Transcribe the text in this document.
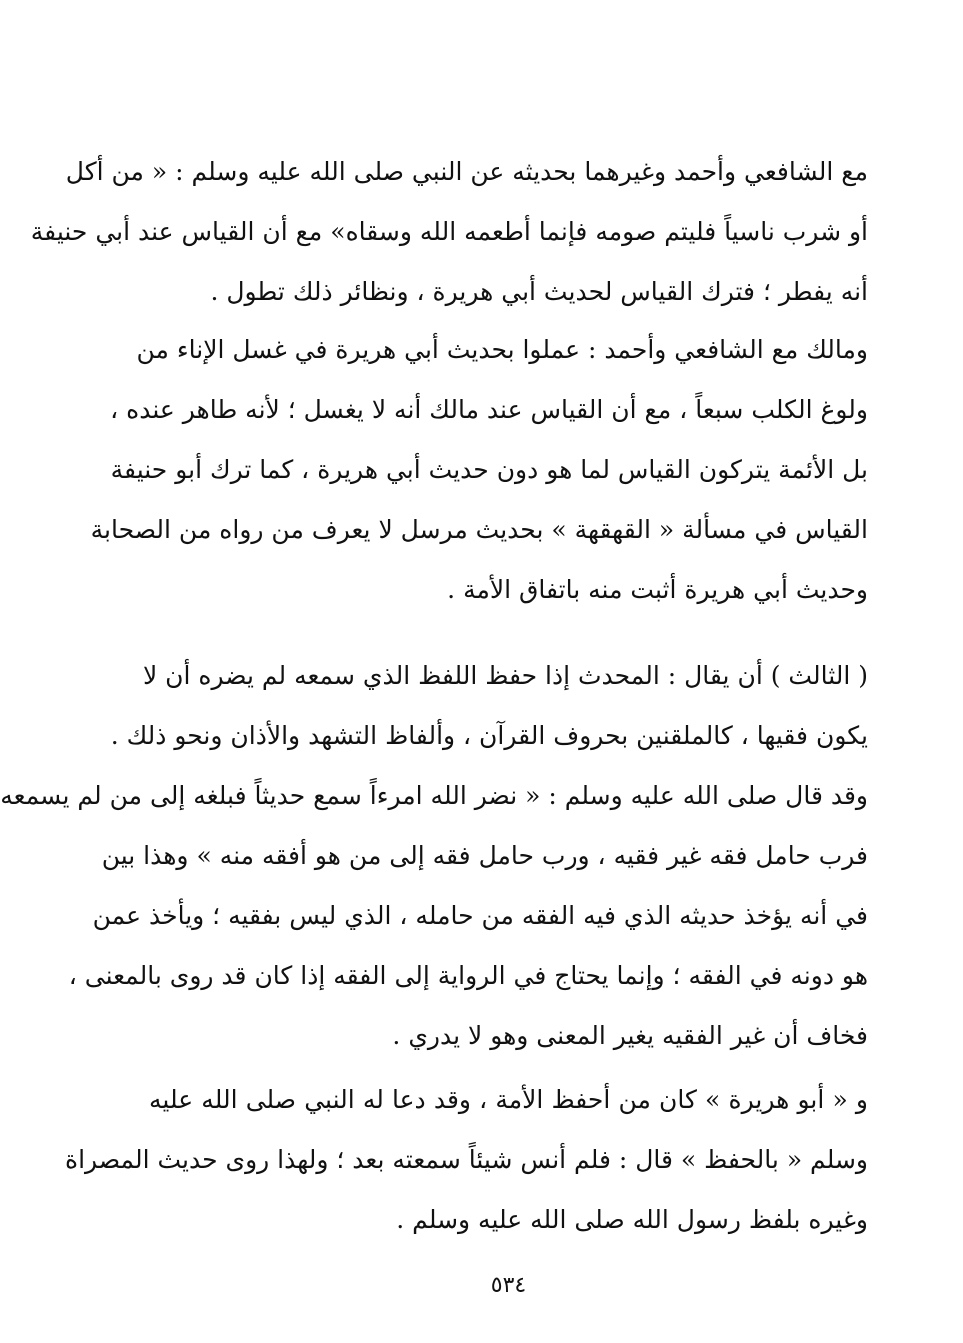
مع الشافعي وأحمد وغيرهما بحديثه عن النبي صلى الله عليه وسلم : « من أكل
أو شرب ناسياً فليتم صومه فإنما أطعمه الله وسقاه» مع أن القياس عند أبي حنيفة
أنه يفطر ؛ فترك القياس لحديث أبي هريرة ، ونظائر ذلك تطول .
ومالك مع الشافعي وأحمد : عملوا بحديث أبي هريرة في غسل الإناء من
ولوغ الكلب سبعاً ، مع أن القياس عند مالك أنه لا يغسل ؛ لأنه طاهر عنده ،
بل الأئمة يتركون القياس لما هو دون حديث أبي هريرة ، كما ترك أبو حنيفة
القياس في مسألة « القهقهة » بحديث مرسل لا يعرف من رواه من الصحابة
وحديث أبي هريرة أثبت منه باتفاق الأمة .
( الثالث ) أن يقال : المحدث إذا حفظ اللفظ الذي سمعه لم يضره أن لا
يكون فقيها ، كالملقنين بحروف القرآن ، وألفاظ التشهد والأذان ونحو ذلك .
وقد قال صلى الله عليه وسلم : « نضر الله امرءاً سمع حديثاً فبلغه إلى من لم يسمعه
فرب حامل فقه غير فقيه ، ورب حامل فقه إلى من هو أفقه منه » وهذا بين
في أنه يؤخذ حديثه الذي فيه الفقه من حامله ، الذي ليس بفقيه ؛ ويأخذ عمن
هو دونه في الفقه ؛ وإنما يحتاج في الرواية إلى الفقه إذا كان قد روى بالمعنى ،
فخاف أن غير الفقيه يغير المعنى وهو لا يدري .
و « أبو هريرة » كان من أحفظ الأمة ، وقد دعا له النبي صلى الله عليه
وسلم « بالحفظ » قال : فلم أنس شيئاً سمعته بعد ؛ ولهذا روى حديث المصراة
وغيره بلفظ رسول الله صلى الله عليه وسلم .
٥٣٤
